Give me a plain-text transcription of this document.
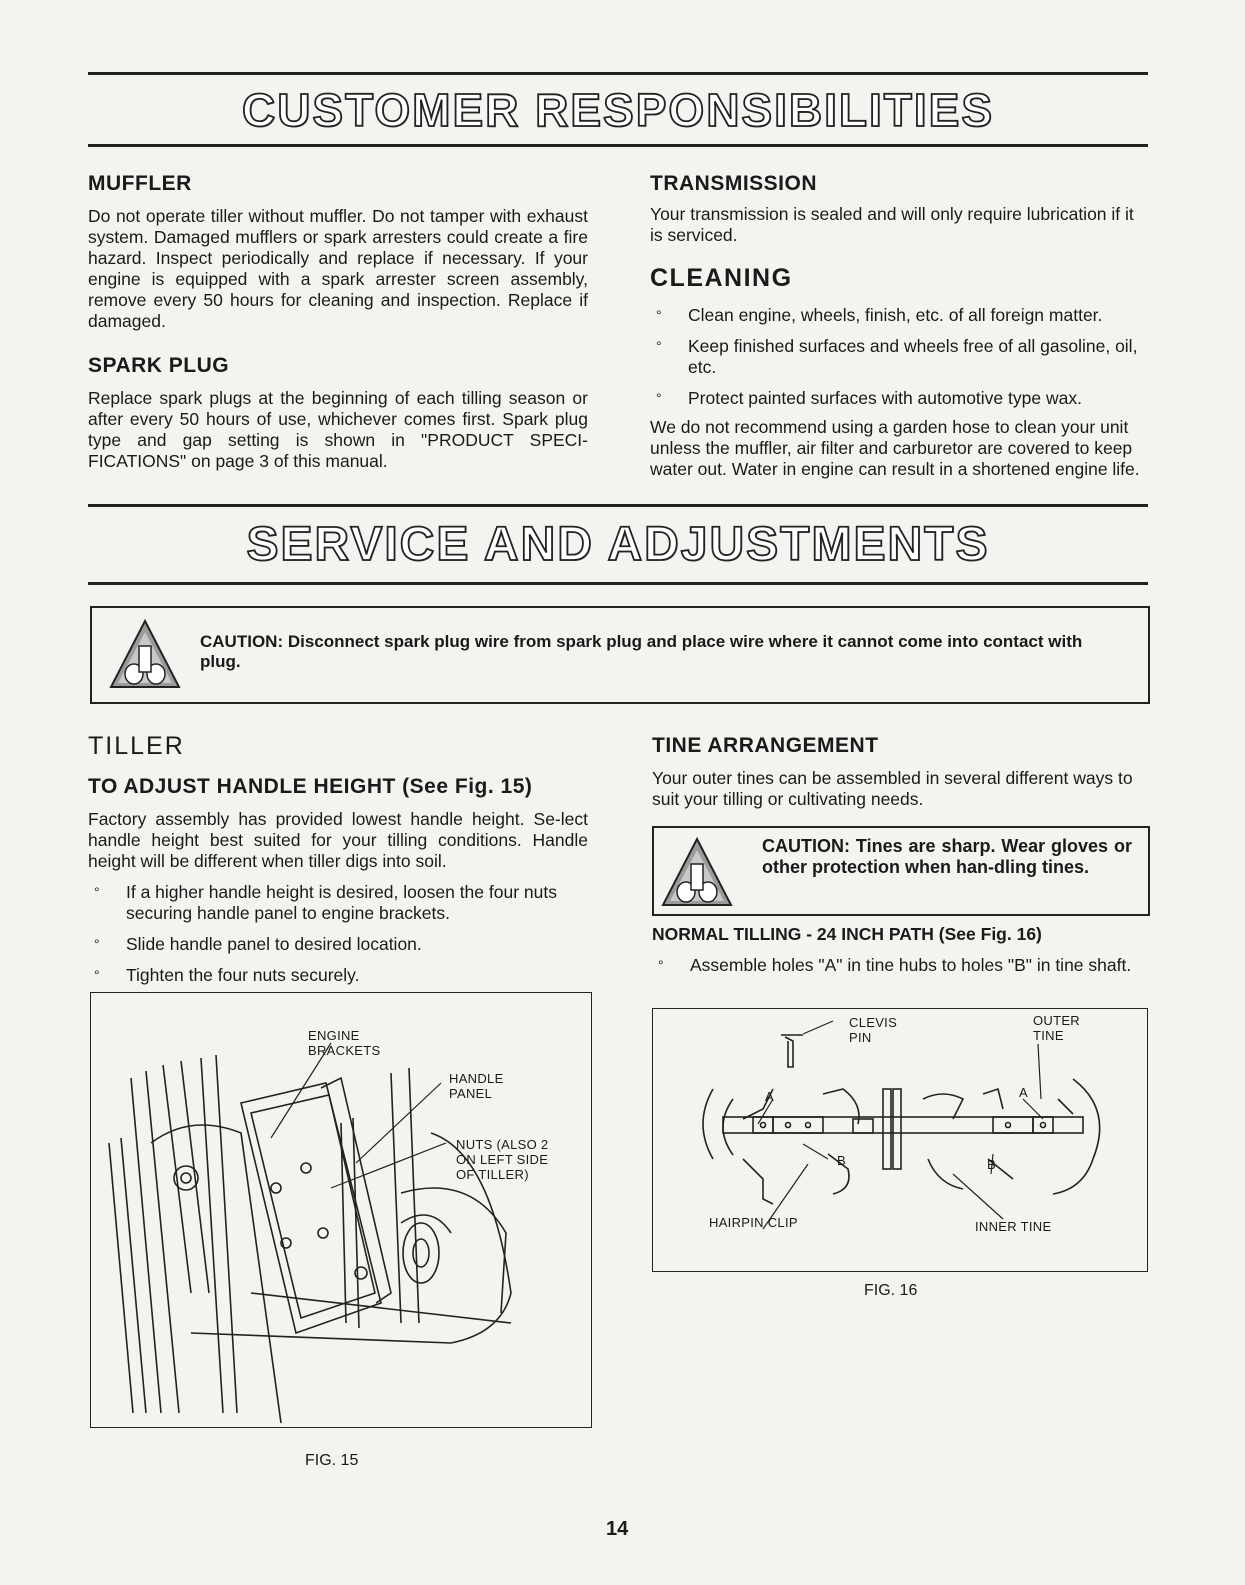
CUSTOMER RESPONSIBILITIES
MUFFLER

Do not operate tiller without muffler. Do not tamper with exhaust system. Damaged mufflers or spark arresters could create a fire hazard. Inspect periodically and replace if necessary. If your engine is equipped with a spark arrester screen assembly, remove every 50 hours for cleaning and inspection. Replace if damaged.

SPARK PLUG

Replace spark plugs at the beginning of each tilling season or after every 50 hours of use, whichever comes first. Spark plug type and gap setting is shown in "PRODUCT SPECI-FICATIONS" on page 3 of this manual.

TRANSMISSION

Your transmission is sealed and will only require lubrication if it is serviced.

CLEANING
° Clean engine, wheels, finish, etc. of all foreign matter.
° Keep finished surfaces and wheels free of all gasoline, oil, etc.
° Protect painted surfaces with automotive type wax.

We do not recommend using a garden hose to clean your unit unless the muffler, air filter and carburetor are covered to keep water out. Water in engine can result in a shortened engine life.

SERVICE AND ADJUSTMENTS
CAUTION: Disconnect spark plug wire from spark plug and place wire where it cannot come into contact with plug.
TILLER
TO ADJUST HANDLE HEIGHT (See Fig. 15)

Factory assembly has provided lowest handle height. Se-lect handle height best suited for your tilling conditions. Handle height will be different when tiller digs into soil.

° If a higher handle height is desired, loosen the four nuts securing handle panel to engine brackets.
° Slide handle panel to desired location.
° Tighten the four nuts securely.
ENGINE
BRACKETS
HANDLE
PANEL
NUTS (ALSO 2
ON LEFT SIDE
OF TILLER)
FIG. 15
TINE ARRANGEMENT

Your outer tines can be assembled in several different ways to suit your tilling or cultivating needs.

CAUTION: Tines are sharp. Wear gloves or other protection when han-dling tines.
NORMAL TILLING - 24 INCH PATH (See Fig. 16)
° Assemble holes "A" in tine hubs to holes "B" in tine shaft.
CLEVIS
PIN
OUTER
TINE
A	A
B	B
HAIRPIN CLIP	INNER TINE
FIG. 16
14
